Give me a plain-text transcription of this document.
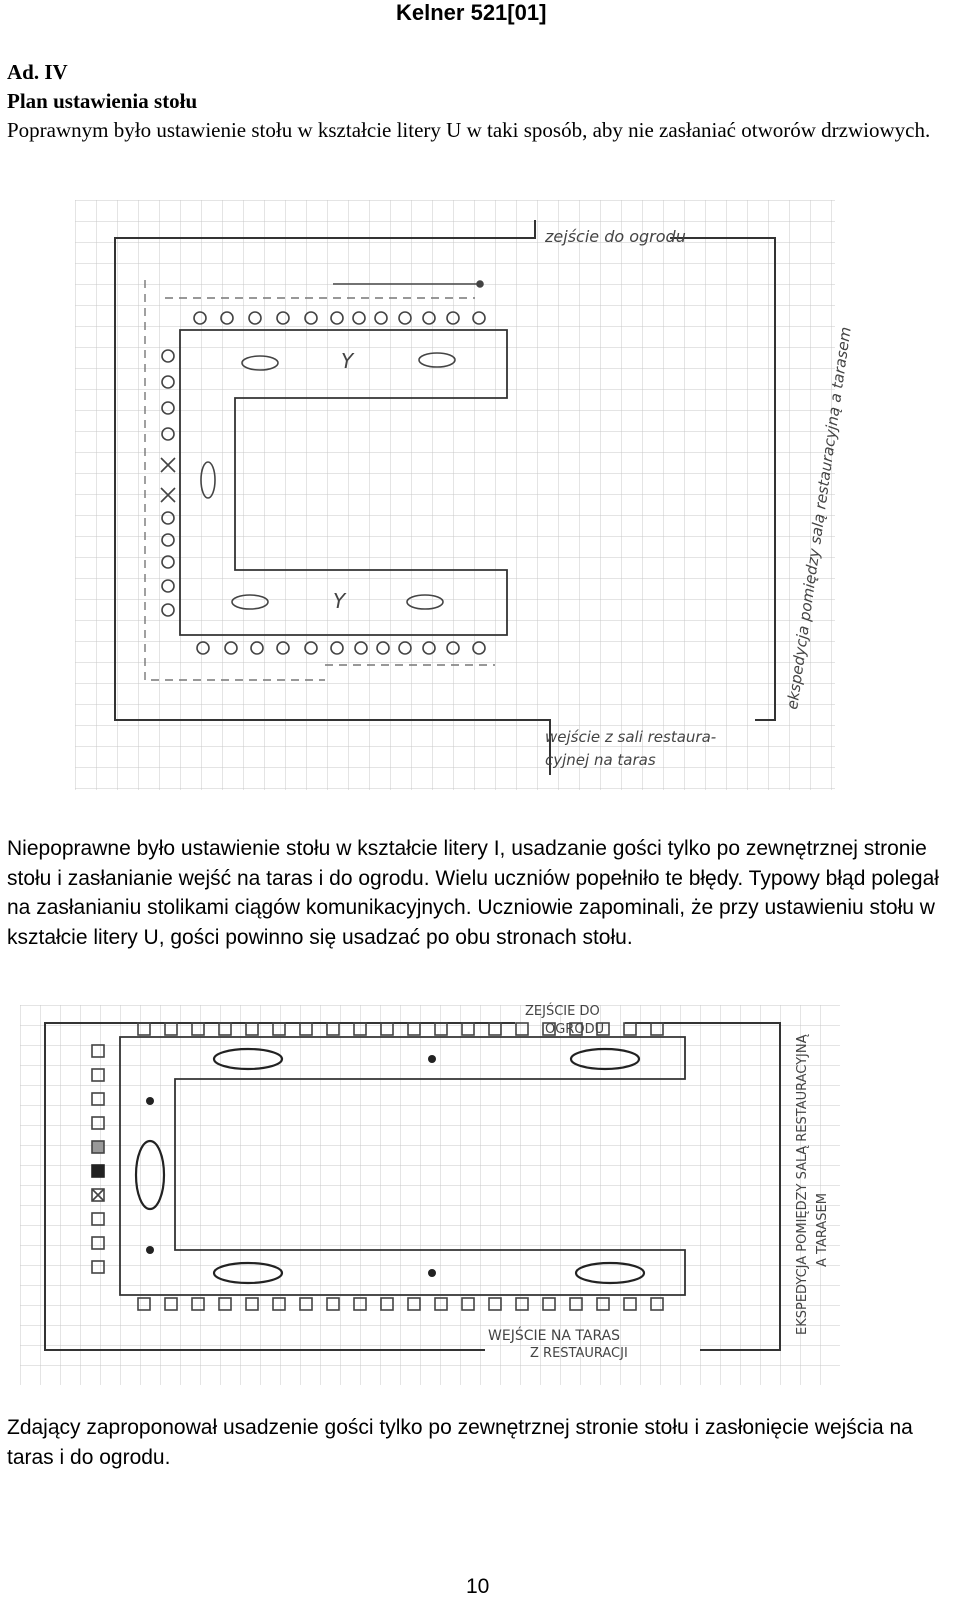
Kelner 521[01]
Ad. IV
Plan ustawienia stołu
Poprawnym było ustawienie stołu w kształcie litery U w taki sposób, aby nie zasłaniać otworów drzwiowych.
Y
Y
zejście do ogrodu
ekspedycja pomiędzy salą restauracyjną a tarasem
wejście z sali restaura-
cyjnej na taras
Niepoprawne było ustawienie stołu w kształcie litery I, usadzanie gości tylko po zewnętrznej stronie stołu i zasłanianie wejść na taras i do ogrodu. Wielu uczniów popełniło te błędy. Typowy błąd polegał na zasłanianiu stolikami ciągów komunikacyjnych. Uczniowie zapominali, że przy ustawieniu stołu w kształcie litery U, gości powinno się usadzać po obu stronach stołu.
ZEJŚCIE DO
OGRODU
EKSPEDYCJA POMIĘDZY SALĄ RESTAURACYJNĄ A TARASEM
WEJŚCIE NA TARAS
Z RESTAURACJI
Zdający zaproponował usadzenie gości tylko po zewnętrznej stronie stołu i zasłonięcie wejścia na taras i do ogrodu.
10
